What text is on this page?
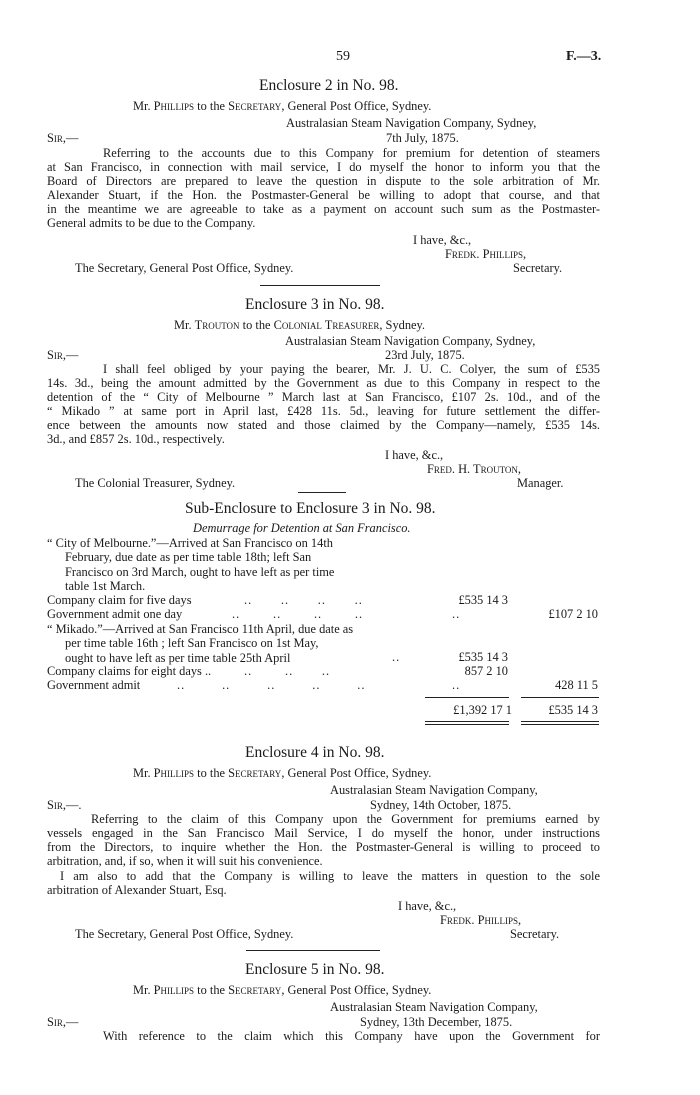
59	F.—3.
Enclosure 2 in No. 98.
Mr. Phillips to the Secretary, General Post Office, Sydney.
Australasian Steam Navigation Company, Sydney,
Sir,—	7th July, 1875.
Referring to the accounts due to this Company for premium for detention of steamers
at San Francisco, in connection with mail service, I do myself the honor to inform you that the
Board of Directors are prepared to leave the question in dispute to the sole arbitration of Mr.
Alexander Stuart, if the Hon. the Postmaster-General be willing to adopt that course, and that
in the meantime we are agreeable to take as a payment on account such sum as the Postmaster-
General admits to be due to the Company.
I have, &c.,
Fredk. Phillips,
The Secretary, General Post Office, Sydney.	Secretary.
Enclosure 3 in No. 98.
Mr. Trouton to the Colonial Treasurer, Sydney.
Australasian Steam Navigation Company, Sydney,
Sir,—	23rd July, 1875.
I shall feel obliged by your paying the bearer, Mr. J. U. C. Colyer, the sum of £535
14s. 3d., being the amount admitted by the Government as due to this Company in respect to the
detention of the “ City of Melbourne ” March last at San Francisco, £107 2s. 10d., and of the
“ Mikado ” at same port in April last, £428 11s. 5d., leaving for future settlement the differ-
ence between the amounts now stated and those claimed by the Company—namely, £535 14s.
3d., and £857 2s. 10d., respectively.
I have, &c.,
Fred. H. Trouton,
The Colonial Treasurer, Sydney.	Manager.
Sub-Enclosure to Enclosure 3 in No. 98.
Demurrage for Detention at San Francisco.
“ City of Melbourne.”—Arrived at San Francisco on 14th
February, due date as per time table 18th; left San
Francisco on 3rd March, ought to have left as per time
table 1st March.
Company claim for five days	..       ..       ..       ..	£535 14 3
Government admit one day	..        ..        ..        ..	..	£107 2 10
“ Mikado.”—Arrived at San Francisco 11th April, due date as
per time table 16th ; left San Francisco on 1st May,
ought to have left as per time table 25th April	..	£535 14 3
Company claims for eight days ..	..        ..       ..	857 2 10
Government admit	..         ..         ..         ..         ..	..	428 11 5
£1,392 17 1	£535 14 3
Enclosure 4 in No. 98.
Mr. Phillips to the Secretary, General Post Office, Sydney.
Australasian Steam Navigation Company,
Sir,—.	Sydney, 14th October, 1875.
Referring to the claim of this Company upon the Government for premiums earned by
vessels engaged in the San Francisco Mail Service, I do myself the honor, under instructions
from the Directors, to inquire whether the Hon. the Postmaster-General is willing to proceed to
arbitration, and, if so, when it will suit his convenience.
I am also to add that the Company is willing to leave the matters in question to the sole
arbitration of Alexander Stuart, Esq.
I have, &c.,
Fredk. Phillips,
The Secretary, General Post Office, Sydney.	Secretary.
Enclosure 5 in No. 98.
Mr. Phillips to the Secretary, General Post Office, Sydney.
Australasian Steam Navigation Company,
Sir,—	Sydney, 13th December, 1875.
With reference to the claim which this Company have upon the Government for
